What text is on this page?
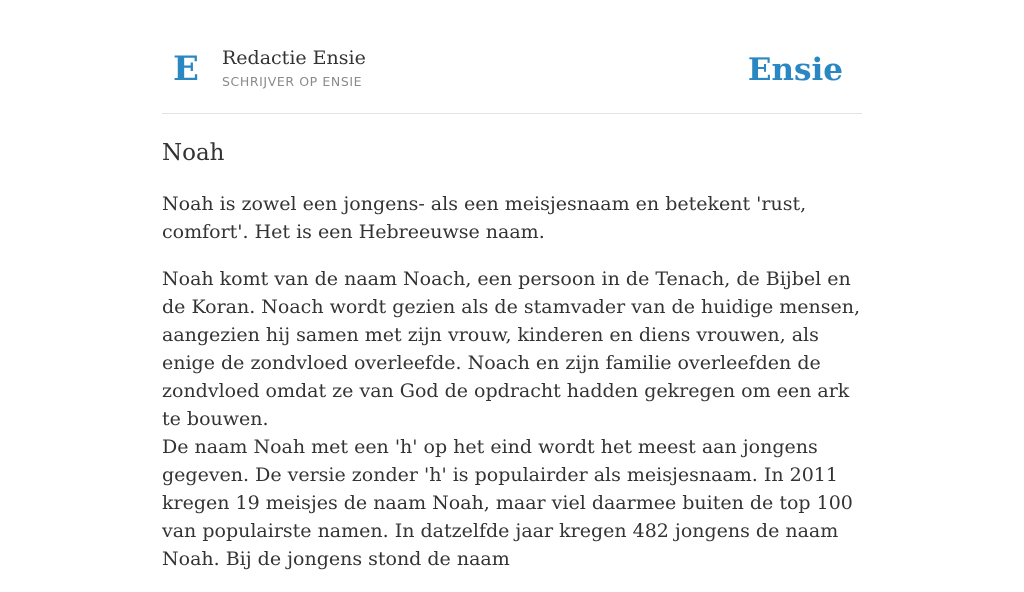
E Redactie Ensie
SCHRIJVER OP ENSIE	Ensie
Noah

Noah is zowel een jongens- als een meisjesnaam en betekent 'rust, comfort'. Het is een Hebreeuwse naam.

Noah komt van de naam Noach, een persoon in de Tenach, de Bijbel en de Koran. Noach wordt gezien als de stamvader van de huidige mensen, aangezien hij samen met zijn vrouw, kinderen en diens vrouwen, als enige de zondvloed overleefde. Noach en zijn familie overleefden de zondvloed omdat ze van God de opdracht hadden gekregen om een ark te bouwen.
De naam Noah met een 'h' op het eind wordt het meest aan jongens gegeven. De versie zonder 'h' is populairder als meisjesnaam. In 2011 kregen 19 meisjes de naam Noah, maar viel daarmee buiten de top 100 van populairste namen. In datzelfde jaar kregen 482 jongens de naam Noah. Bij de jongens stond de naam
